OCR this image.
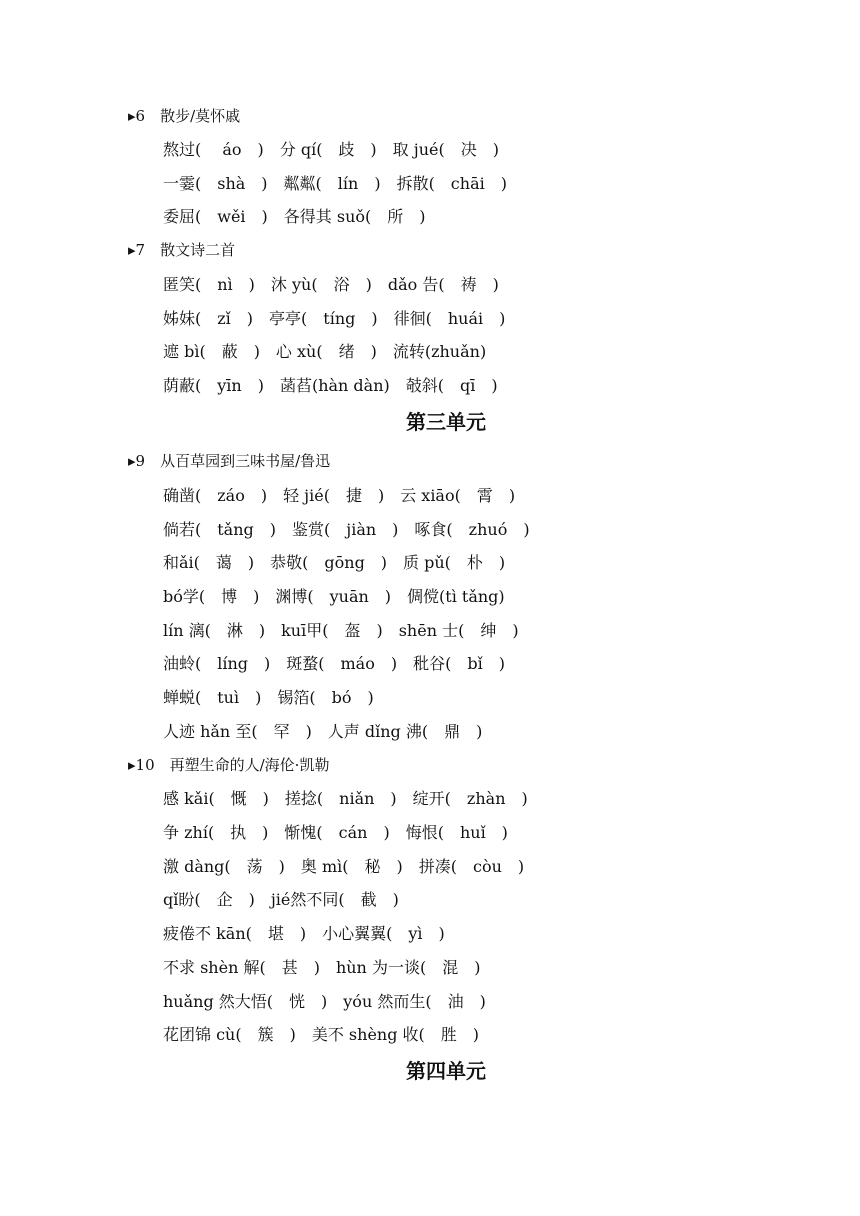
▸6　散步/莫怀戚
熬过(　 áo　)　分 qí(　歧　)　取 jué(　决　)
一霎(　shà　)　粼粼(　lín　)　拆散(　chāi　)
委屈(　wěi　)　各得其 suǒ(　所　)
▸7　散文诗二首
匿笑(　nì　)　沐 yù(　浴　)　dǎo 告(　祷　)
姊妹(　zǐ　)　亭亭(　tíng　)　徘徊(　huái　)
遮 bì(　蔽　)　心 xù(　绪　)　流转(zhuǎn)
荫蔽(　yīn　)　菡萏(hàn dàn)　攲斜(　qī　)
第三单元
▸9　从百草园到三味书屋/鲁迅
确凿(　záo　)　轻 jié(　捷　)　云 xiāo(　霄　)
倘若(　tǎng　)　鉴赏(　jiàn　)　啄食(　zhuó　)
和ǎi(　蔼　)　恭敬(　gōng　)　质 pǔ(　朴　)
bó学(　博　)　渊博(　yuān　)　倜傥(tì tǎng)
lín 漓(　淋　)　kuī甲(　盔　)　shēn 士(　绅　)
油蛉(　líng　)　斑蝥(　máo　)　秕谷(　bǐ　)
蝉蜕(　tuì　)　锡箔(　bó　)
人迹 hǎn 至(　罕　)　人声 dǐng 沸(　鼎　)
▸10　再塑生命的人/海伦·凯勒
感 kǎi(　慨　)　搓捻(　niǎn　)　绽开(　zhàn　)
争 zhí(　执　)　惭愧(　cán　)　悔恨(　huǐ　)
激 dàng(　荡　)　奥 mì(　秘　)　拼凑(　còu　)
qǐ盼(　企　)　jié然不同(　截　)
疲倦不 kān(　堪　)　小心翼翼(　yì　)
不求 shèn 解(　甚　)　hùn 为一谈(　混　)
huǎng 然大悟(　恍　)　yóu 然而生(　油　)
花团锦 cù(　簇　)　美不 shèng 收(　胜　)
第四单元
